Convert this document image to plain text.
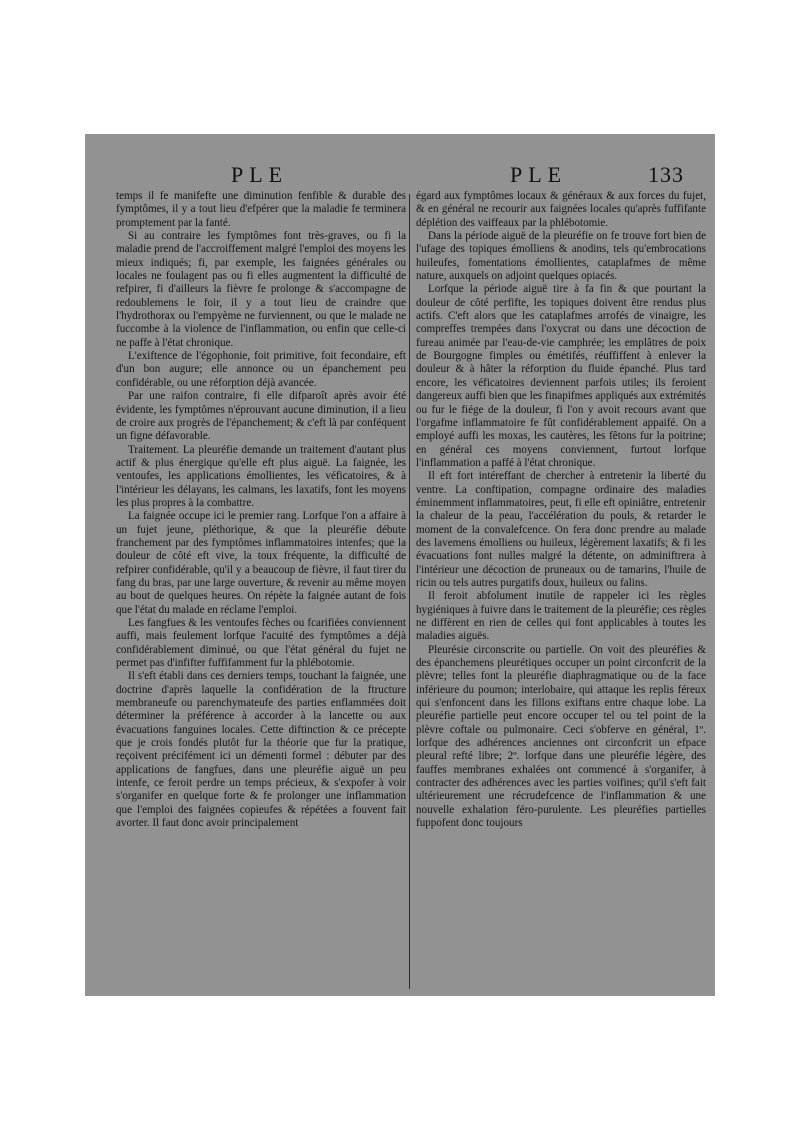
PLE	PLE	133

temps il fe manifefte une diminution fenfible & durable des fymptômes, il y a tout lieu d'efpérer que la maladie fe terminera promptement par la fanté.

Si au contraire les fymptômes font très-graves, ou fi la maladie prend de l'accroiffement malgré l'emploi des moyens les mieux indiqués; fi, par exemple, les faignées générales ou locales ne foulagent pas ou fi elles augmentent la difficulté de refpirer, fi d'ailleurs la fièvre fe prolonge & s'accompagne de redoublemens le foir, il y a tout lieu de craindre que l'hydrothorax ou l'empyème ne furviennent, ou que le malade ne fuccombe à la violence de l'inflammation, ou enfin que celle-ci ne paffe à l'état chronique.

L'exiftence de l'égophonie, foit primitive, foit fecondaire, eft d'un bon augure; elle annonce ou un épanchement peu confidérable, ou une réforption déjà avancée.

Par une raifon contraire, fi elle difparoît après avoir été évidente, les fymptômes n'éprouvant aucune diminution, il a lieu de croire aux progrès de l'épanchement; & c'eft là par conféquent un figne défavorable.

Traitement. La pleuréfie demande un traitement d'autant plus actif & plus énergique qu'elle eft plus aiguë. La faignée, les ventoufes, les applications émollientes, les véficatoires, & à l'intérieur les délayans, les calmans, les laxatifs, font les moyens les plus propres à la combattre.

La faignée occupe ici le premier rang. Lorfque l'on a affaire à un fujet jeune, pléthorique, & que la pleuréfie débute franchement par des fymptômes inflammatoires intenfes; que la douleur de côté eft vive, la toux fréquente, la difficulté de refpirer confidérable, qu'il y a beaucoup de fièvre, il faut tirer du fang du bras, par une large ouverture, & revenir au même moyen au bout de quelques heures. On répète la faignée autant de fois que l'état du malade en réclame l'emploi.

Les fangfues & les ventoufes fèches ou fcarifiées conviennent auffi, mais feulement lorfque l'acuité des fymptômes a déjà confidérablement diminué, ou que l'état général du fujet ne permet pas d'infifter fuffifamment fur la phlébotomie.

Il s'eft établi dans ces derniers temps, touchant la faignée, une doctrine d'après laquelle la confidération de la ftructure membraneufe ou parenchymateufe des parties enflammées doit déterminer la préférence à accorder à la lancette ou aux évacuations fanguines locales. Cette diftinction & ce précepte que je crois fondés plutôt fur la théorie que fur la pratique, reçoivent précifément ici un démenti formel : débuter par des applications de fangfues, dans une pleuréfie aiguë un peu intenfe, ce feroit perdre un temps précieux, & s'expofer à voir s'organifer en quelque forte & fe prolonger une inflammation que l'emploi des faignées copieufes & répétées a fouvent fait avorter. Il faut donc avoir principalement

égard aux fymptômes locaux & généraux & aux forces du fujet, & en général ne recourir aux faignées locales qu'après fuffifante déplétion des vaiffeaux par la phlébotomie.

Dans la période aiguë de la pleuréfie on fe trouve fort bien de l'ufage des topiques émolliens & anodins, tels qu'embrocations huileufes, fomentations émollientes, cataplafmes de même nature, auxquels on adjoint quelques opiacés.

Lorfque la période aiguë tire à fa fin & que pourtant la douleur de côté perfifte, les topiques doivent être rendus plus actifs. C'eft alors que les cataplafmes arrofés de vinaigre, les compreffes trempées dans l'oxycrat ou dans une décoction de fureau animée par l'eau-de-vie camphrée; les emplâtres de poix de Bourgogne fimples ou émétifés, réuffiffent à enlever la douleur & à hâter la réforption du fluide épanché. Plus tard encore, les véficatoires deviennent parfois utiles; ils feroient dangereux auffi bien que les finapifmes appliqués aux extrémités ou fur le fiége de la douleur, fi l'on y avoit recours avant que l'orgafme inflammatoire fe fût confidérablement appaifé. On a employé auffi les moxas, les cautères, les fêtons fur la poitrine; en général ces moyens conviennent, furtout lorfque l'inflammation a paffé à l'état chronique.

Il eft fort intéreffant de chercher à entretenir la liberté du ventre. La conftipation, compagne ordinaire des maladies éminemment inflammatoires, peut, fi elle eft opiniâtre, entretenir la chaleur de la peau, l'accélération du pouls, & retarder le moment de la convalefcence. On fera donc prendre au malade des lavemens émolliens ou huileux, légèrement laxatifs; & fi les évacuations font nulles malgré la détente, on adminiftrera à l'intérieur une décoction de pruneaux ou de tamarins, l'huile de ricin ou tels autres purgatifs doux, huileux ou falins.

Il feroit abfolument inutile de rappeler ici les règles hygiéniques à fuivre dans le traitement de la pleuréfie; ces règles ne diffèrent en rien de celles qui font applicables à toutes les maladies aiguës.

Pleurésie circonscrite ou partielle. On voit des pleuréfies & des épanchemens pleurétiques occuper un point circonfcrit de la plèvre; telles font la pleuréfie diaphragmatique ou de la face inférieure du poumon; interlobaire, qui attaque les replis féreux qui s'enfoncent dans les fillons exiftans entre chaque lobe. La pleuréfie partielle peut encore occuper tel ou tel point de la plèvre coftale ou pulmonaire. Ceci s'obferve en général, 1º. lorfque des adhérences anciennes ont circonfcrit un efpace pleural refté libre; 2º. lorfque dans une pleuréfie légère, des fauffes membranes exhalées ont commencé à s'organifer, à contracter des adhérences avec les parties voifines; qu'il s'eft fait ultérieurement une récrudefcence de l'inflammation & une nouvelle exhalation féro-purulente. Les pleuréfies partielles fuppofent donc toujours
